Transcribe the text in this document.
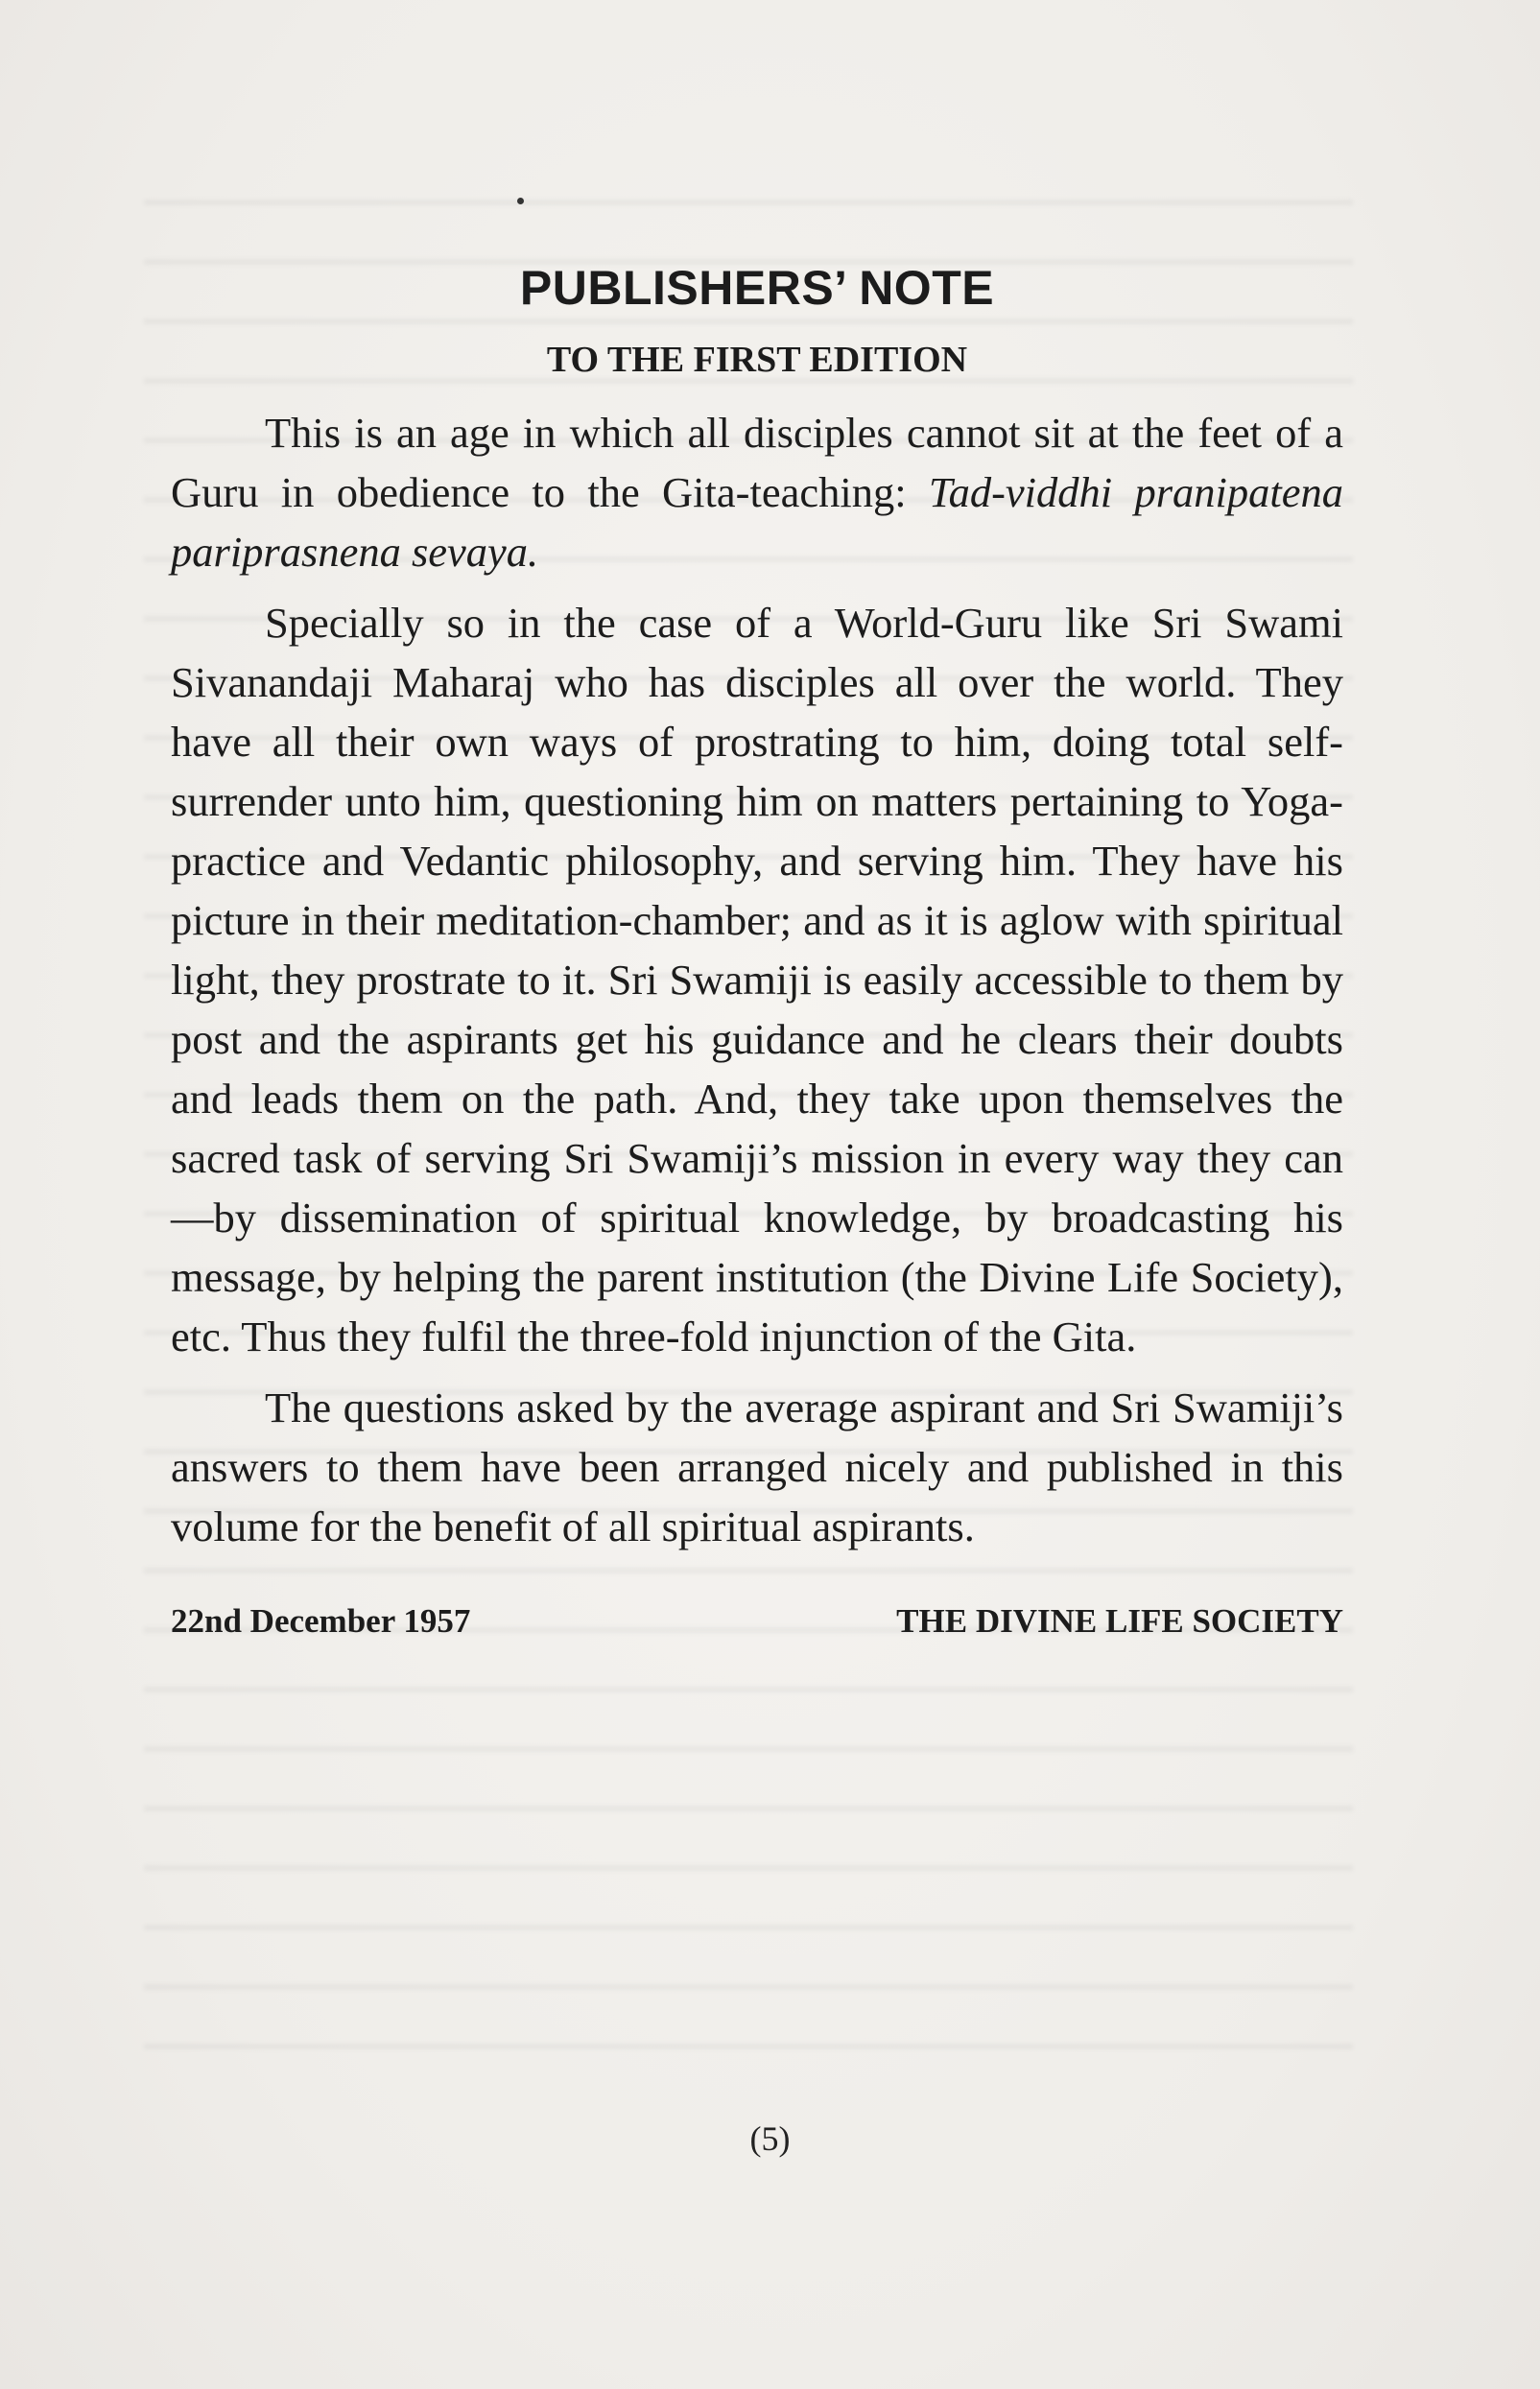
PUBLISHERS’ NOTE
TO THE FIRST EDITION

This is an age in which all disciples cannot sit at the feet of a Guru in obedience to the Gita-teaching: Tad-viddhi pranipatena pariprasnena sevaya.

Specially so in the case of a World-Guru like Sri Swami Sivanandaji Maharaj who has disciples all over the world. They have all their own ways of prostrating to him, doing total self-surrender unto him, questioning him on matters pertaining to Yoga-practice and Vedantic philosophy, and serving him. They have his picture in their meditation-chamber; and as it is aglow with spiritual light, they prostrate to it. Sri Swamiji is easily accessible to them by post and the aspirants get his guidance and he clears their doubts and leads them on the path. And, they take upon themselves the sacred task of serving Sri Swamiji’s mission in every way they can—by dissemination of spiritual knowledge, by broadcasting his message, by helping the parent institution (the Divine Life Society), etc. Thus they fulfil the three-fold injunction of the Gita.

The questions asked by the average aspirant and Sri Swamiji’s answers to them have been arranged nicely and published in this volume for the benefit of all spiritual aspirants.

22nd December 1957	THE DIVINE LIFE SOCIETY
(5)
